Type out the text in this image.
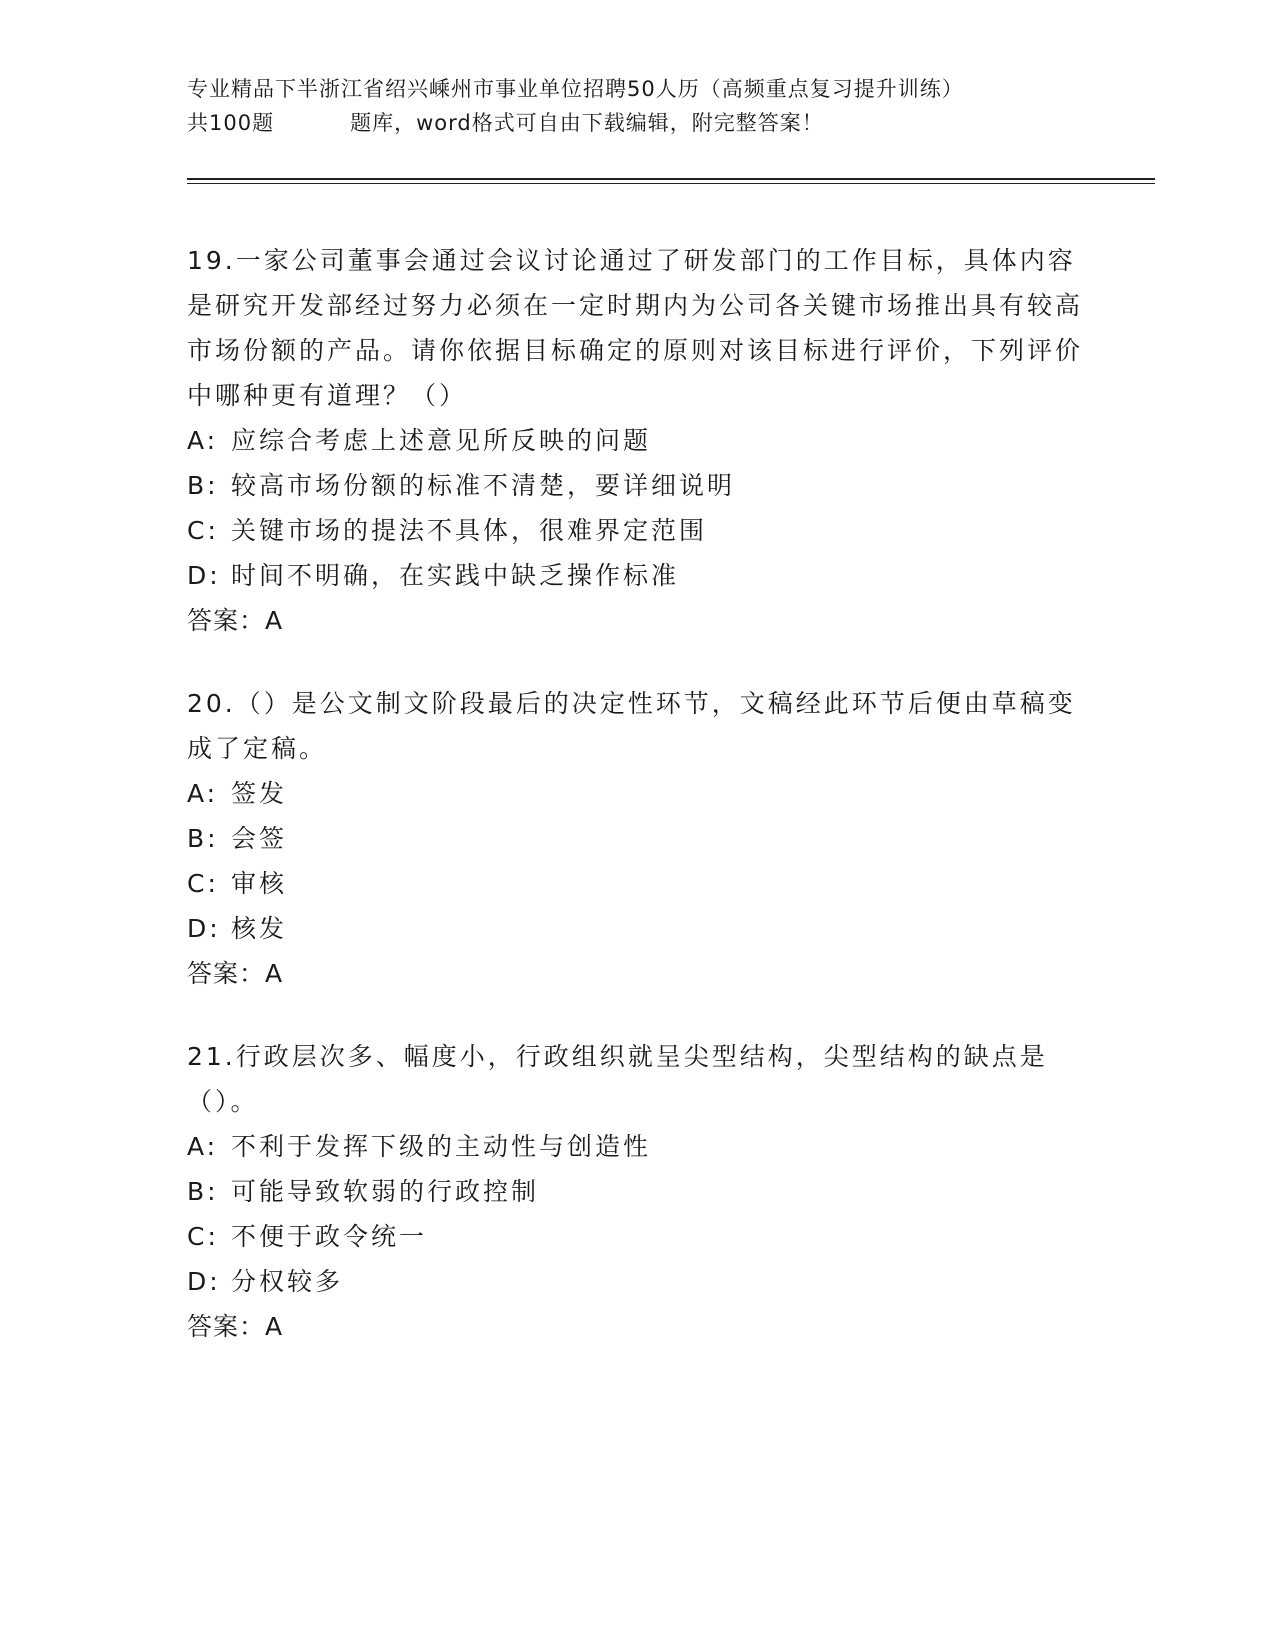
专业精品下半浙江省绍兴嵊州市事业单位招聘50人历（高频重点复习提升训练）
共100题	题库，word格式可自由下载编辑，附完整答案！
19.一家公司董事会通过会议讨论通过了研发部门的工作目标，具体内容是研究开发部经过努力必须在一定时期内为公司各关键市场推出具有较高市场份额的产品。请你依据目标确定的原则对该目标进行评价，下列评价中哪种更有道理？（）
A: 应综合考虑上述意见所反映的问题
B: 较高市场份额的标准不清楚，要详细说明
C: 关键市场的提法不具体，很难界定范围
D: 时间不明确，在实践中缺乏操作标准
答案：A
20.（）是公文制文阶段最后的决定性环节，文稿经此环节后便由草稿变成了定稿。
A: 签发
B: 会签
C: 审核
D: 核发
答案：A
21.行政层次多、幅度小，行政组织就呈尖型结构，尖型结构的缺点是（）。
A: 不利于发挥下级的主动性与创造性
B: 可能导致软弱的行政控制
C: 不便于政令统一
D: 分权较多
答案：A
